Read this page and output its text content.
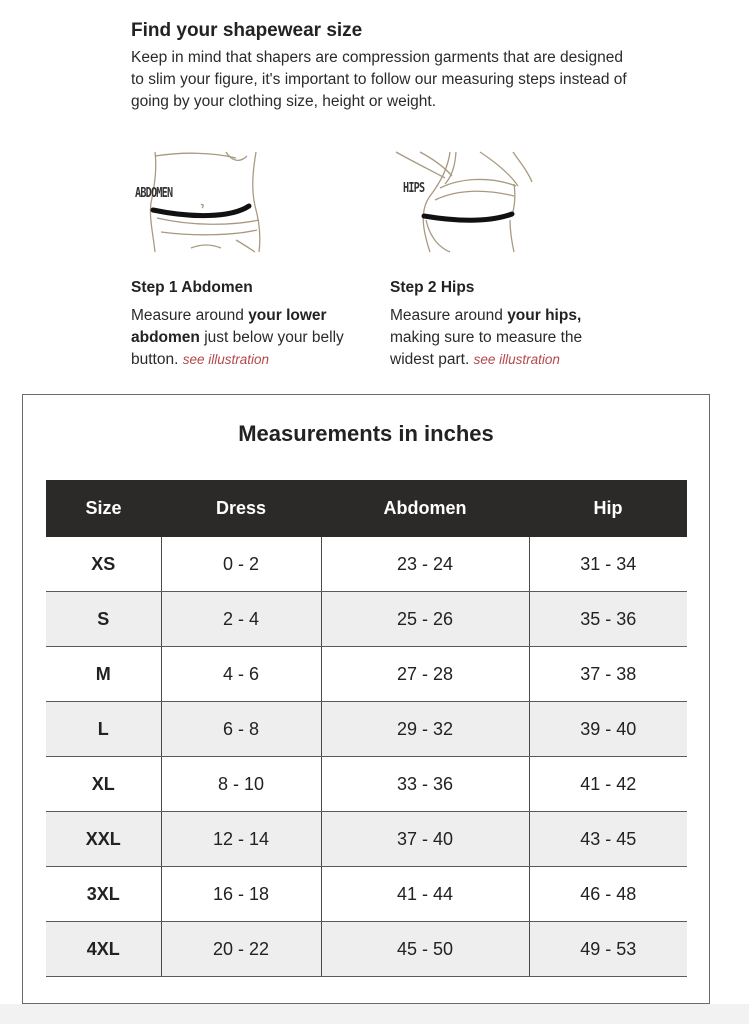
Find your shapewear size

Keep in mind that shapers are compression garments that are designed to slim your figure, it's important to follow our measuring steps instead of going by your clothing size, height or weight.

ABDOMEN	HIPS
Step 1 Abdomen

Measure around your lower abdomen just below your belly button. see illustration

Step 2 Hips

Measure around your hips, making sure to measure the widest part. see illustration

Measurements in inches
Size	Dress	Abdomen	Hip
XS	0 - 2	23 - 24	31 - 34
S	2 - 4	25 - 26	35 - 36
M	4 - 6	27 - 28	37 - 38
L	6 - 8	29 - 32	39 - 40
XL	8 - 10	33 - 36	41 - 42
XXL	12 - 14	37 - 40	43 - 45
3XL	16 - 18	41 - 44	46 - 48
4XL	20 - 22	45 - 50	49 - 53
